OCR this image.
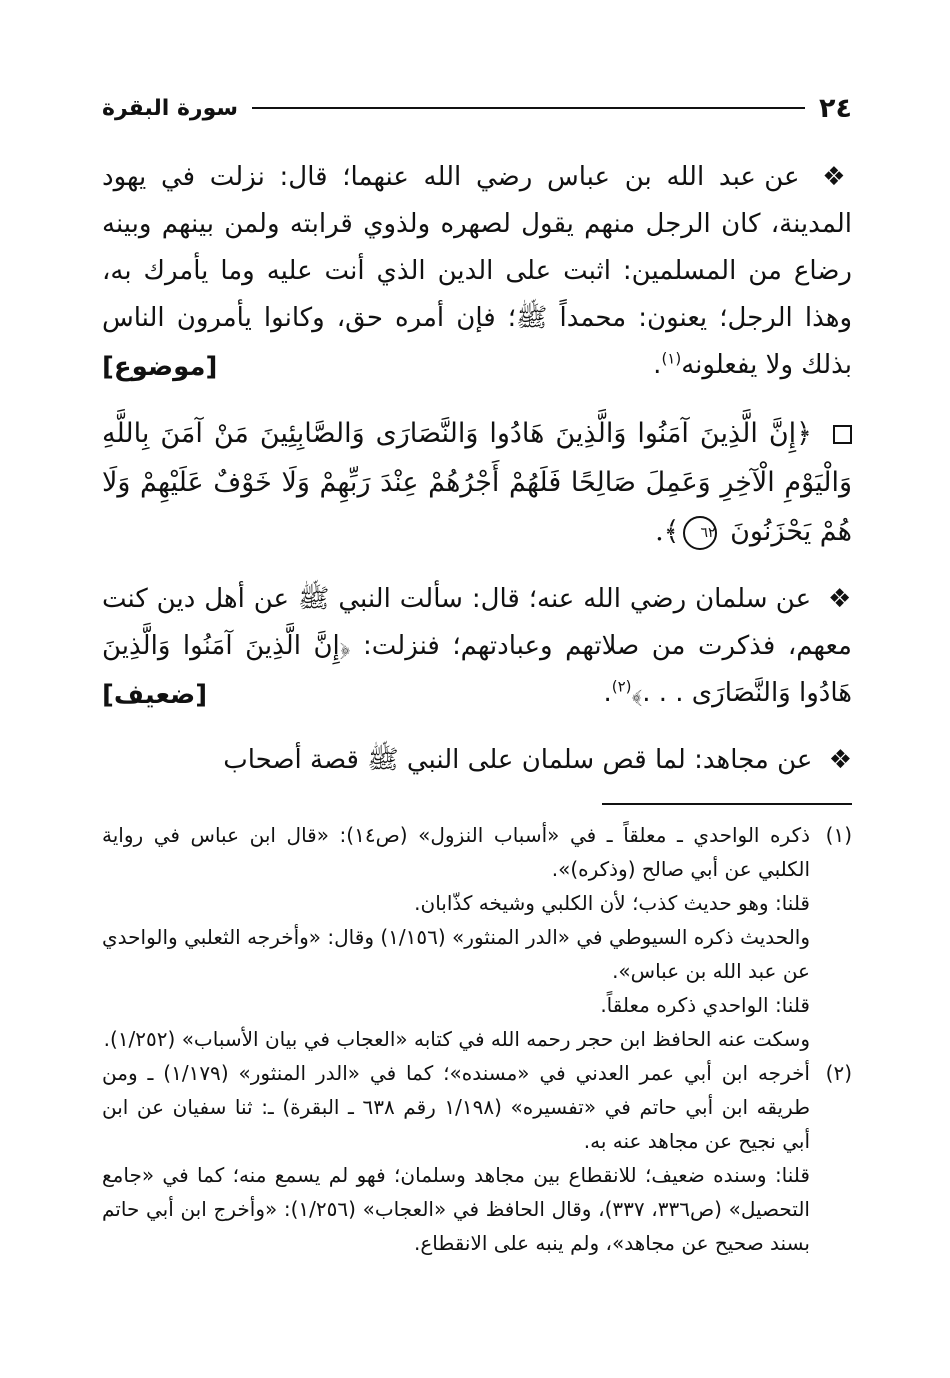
٢٤
سورة البقرة

❖ عن عبد الله بن عباس رضي الله عنهما؛ قال: نزلت في يهود المدينة، كان الرجل منهم يقول لصهره ولذوي قرابته ولمن بينهم وبينه رضاع من المسلمين: اثبت على الدين الذي أنت عليه وما يأمرك به، وهذا الرجل؛ يعنون: محمداً ﷺ؛ فإن أمره حق، وكانوا يأمرون الناس بذلك ولا يفعلونه$^{(١)}$.
[موضوع]

﴿إِنَّ الَّذِينَ آمَنُوا وَالَّذِينَ هَادُوا وَالنَّصَارَى وَالصَّابِئِينَ مَنْ آمَنَ بِاللَّهِ وَالْيَوْمِ الْآخِرِ وَعَمِلَ صَالِحًا فَلَهُمْ أَجْرُهُمْ عِنْدَ رَبِّهِمْ وَلَا خَوْفٌ عَلَيْهِمْ وَلَا هُمْ يَحْزَنُونَ ٦٢﴾.

❖ عن سلمان رضي الله عنه؛ قال: سألت النبي ﷺ عن أهل دين كنت معهم، فذكرت من صلاتهم وعبادتهم؛ فنزلت: ﴿إِنَّ الَّذِينَ آمَنُوا وَالَّذِينَ هَادُوا وَالنَّصَارَى . . .﴾$^{(٢)}$.
[ضعيف]

❖ عن مجاهد: لما قص سلمان على النبي ﷺ قصة أصحاب

(١)
ذكره الواحدي ـ معلقاً ـ في «أسباب النزول» (ص١٤): «قال ابن عباس في رواية الكلبي عن أبي صالح (وذكره)».
قلنا: وهو حديث كذب؛ لأن الكلبي وشيخه كذّابان.
والحديث ذكره السيوطي في «الدر المنثور» (١/١٥٦) وقال: «وأخرجه الثعلبي والواحدي عن عبد الله بن عباس».
قلنا: الواحدي ذكره معلقاً.
وسكت عنه الحافظ ابن حجر رحمه الله في كتابه «العجاب في بيان الأسباب» (١/٢٥٢).
(٢)
أخرجه ابن أبي عمر العدني في «مسنده»؛ كما في «الدر المنثور» (١/١٧٩) ـ ومن طريقه ابن أبي حاتم في «تفسيره» (١/١٩٨ رقم ٦٣٨ ـ البقرة) ـ: ثنا سفيان عن ابن أبي نجيح عن مجاهد عنه به.
قلنا: وسنده ضعيف؛ للانقطاع بين مجاهد وسلمان؛ فهو لم يسمع منه؛ كما في «جامع التحصيل» (ص٣٣٦، ٣٣٧)، وقال الحافظ في «العجاب» (١/٢٥٦): «وأخرج ابن أبي حاتم بسند صحيح عن مجاهد»، ولم ينبه على الانقطاع.
